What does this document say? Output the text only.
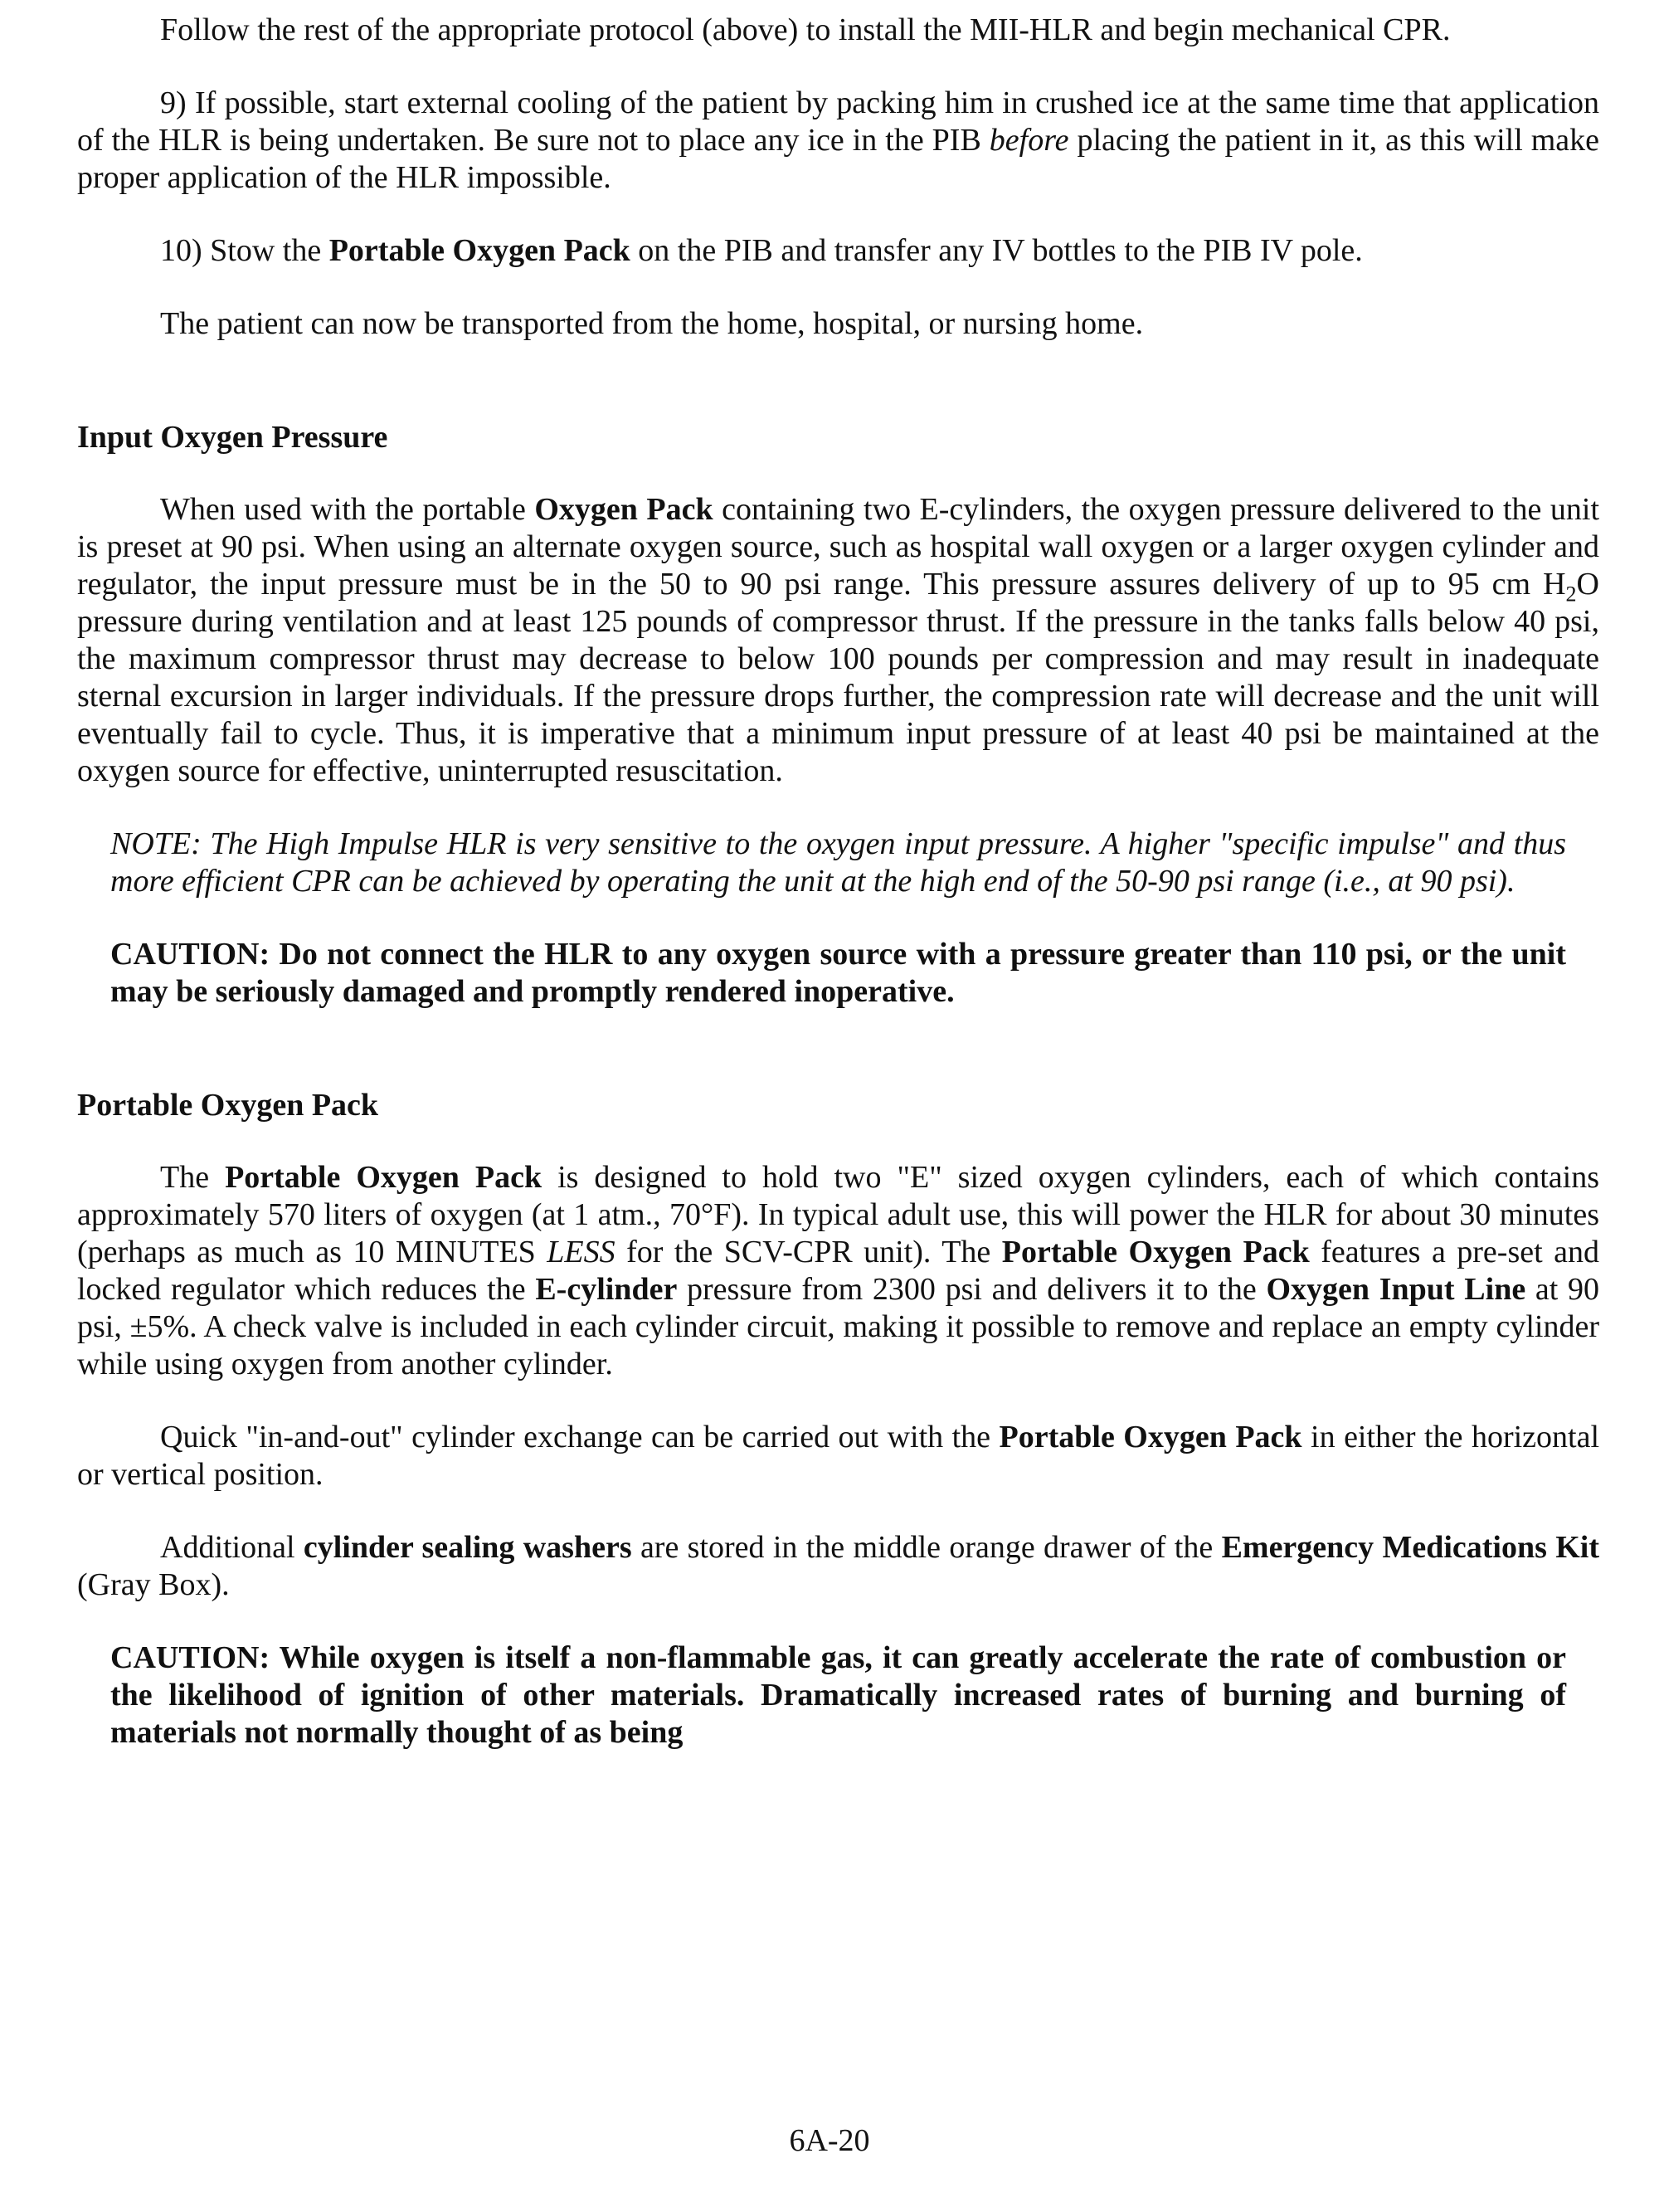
Follow the rest of the appropriate protocol (above) to install the MII-HLR and begin mechanical CPR.

9) If possible, start external cooling of the patient by packing him in crushed ice at the same time that application of the HLR is being undertaken. Be sure not to place any ice in the PIB before placing the patient in it, as this will make proper application of the HLR impossible.

10) Stow the Portable Oxygen Pack on the PIB and transfer any IV bottles to the PIB IV pole.

The patient can now be transported from the home, hospital, or nursing home.

Input Oxygen Pressure

When used with the portable Oxygen Pack containing two E-cylinders, the oxygen pressure delivered to the unit is preset at 90 psi. When using an alternate oxygen source, such as hospital wall oxygen or a larger oxygen cylinder and regulator, the input pressure must be in the 50 to 90 psi range. This pressure assures delivery of up to 95 cm $H_2O$ pressure during ventilation and at least 125 pounds of compressor thrust. If the pressure in the tanks falls below 40 psi, the maximum compressor thrust may decrease to below 100 pounds per compression and may result in inadequate sternal excursion in larger individuals. If the pressure drops further, the compression rate will decrease and the unit will eventually fail to cycle. Thus, it is imperative that a minimum input pressure of at least 40 psi be maintained at the oxygen source for effective, uninterrupted resuscitation.

NOTE: The High Impulse HLR is very sensitive to the oxygen input pressure. A higher "specific impulse" and thus more efficient CPR can be achieved by operating the unit at the high end of the 50-90 psi range (i.e., at 90 psi).

CAUTION: Do not connect the HLR to any oxygen source with a pressure greater than 110 psi, or the unit may be seriously damaged and promptly rendered inoperative.

Portable Oxygen Pack

The Portable Oxygen Pack is designed to hold two "E" sized oxygen cylinders, each of which contains approximately 570 liters of oxygen (at 1 atm., 70°F). In typical adult use, this will power the HLR for about 30 minutes (perhaps as much as 10 MINUTES LESS for the SCV-CPR unit). The Portable Oxygen Pack features a pre-set and locked regulator which reduces the E-cylinder pressure from 2300 psi and delivers it to the Oxygen Input Line at 90 psi, ±5%. A check valve is included in each cylinder circuit, making it possible to remove and replace an empty cylinder while using oxygen from another cylinder.

Quick "in-and-out" cylinder exchange can be carried out with the Portable Oxygen Pack in either the horizontal or vertical position.

Additional cylinder sealing washers are stored in the middle orange drawer of the Emergency Medications Kit (Gray Box).

CAUTION: While oxygen is itself a non-flammable gas, it can greatly accelerate the rate of combustion or the likelihood of ignition of other materials. Dramatically increased rates of burning and burning of materials not normally thought of as being

6A-20
